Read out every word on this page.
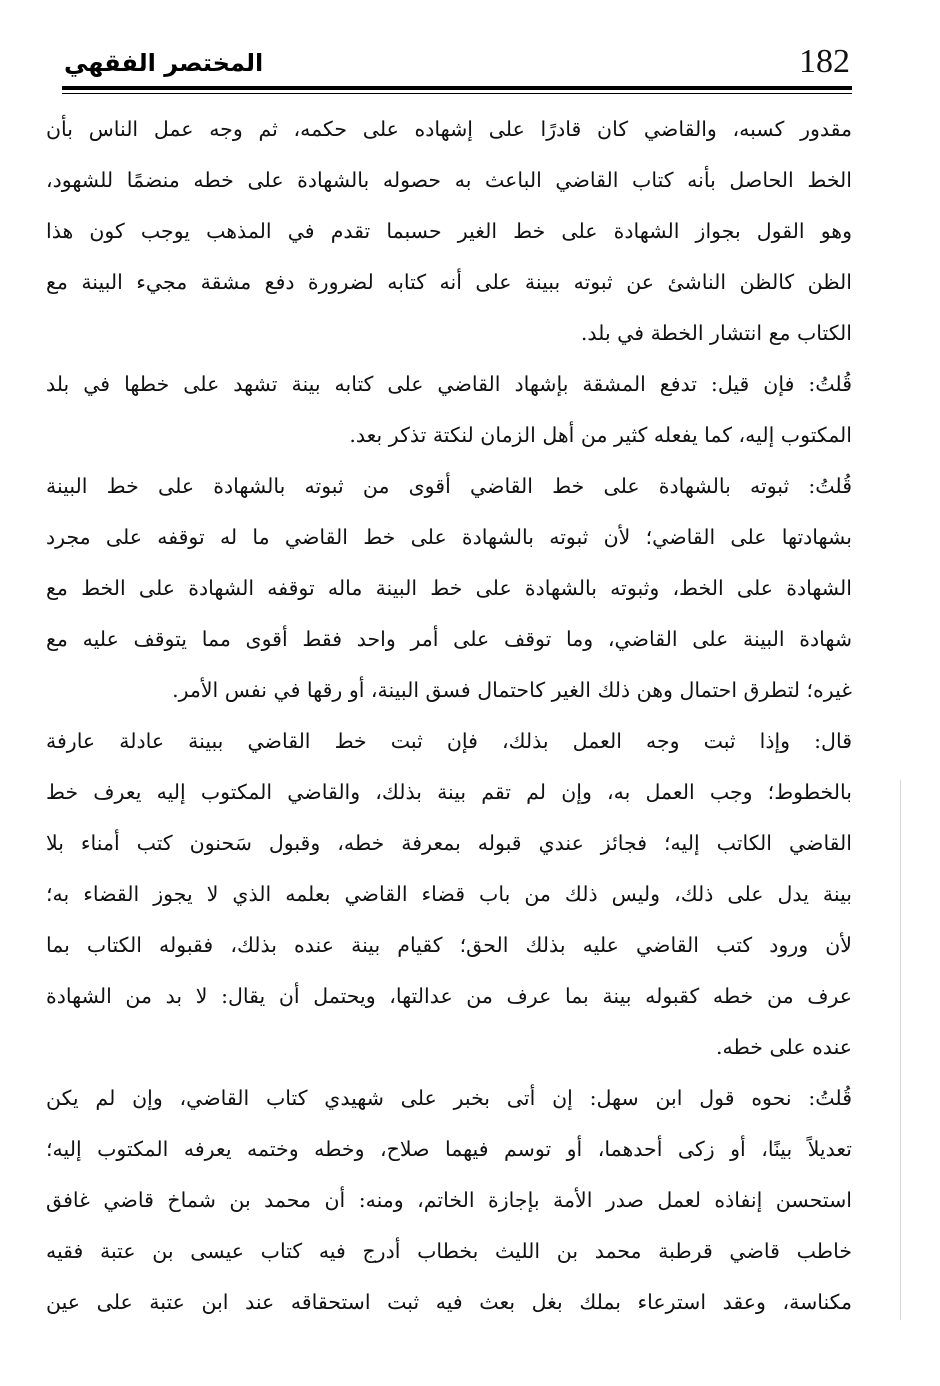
182
المختصر الفقهي

مقدور كسبه، والقاضي كان قادرًا على إشهاده على حكمه، ثم وجه عمل الناس بأن
الخط الحاصل بأنه كتاب القاضي الباعث به حصوله بالشهادة على خطه منضمًا للشهود،
وهو القول بجواز الشهادة على خط الغير حسبما تقدم في المذهب يوجب كون هذا
الظن كالظن الناشئ عن ثبوته ببينة على أنه كتابه لضرورة دفع مشقة مجيء البينة مع
الكتاب مع انتشار الخطة في بلد.

قُلتُ: فإن قيل: تدفع المشقة بإشهاد القاضي على كتابه بينة تشهد على خطها في بلد
المكتوب إليه، كما يفعله كثير من أهل الزمان لنكتة تذكر بعد.

قُلتُ: ثبوته بالشهادة على خط القاضي أقوى من ثبوته بالشهادة على خط البينة
بشهادتها على القاضي؛ لأن ثبوته بالشهادة على خط القاضي ما له توقفه على مجرد
الشهادة على الخط، وثبوته بالشهادة على خط البينة ماله توقفه الشهادة على الخط مع
شهادة البينة على القاضي، وما توقف على أمر واحد فقط أقوى مما يتوقف عليه مع
غيره؛ لتطرق احتمال وهن ذلك الغير كاحتمال فسق البينة، أو رقها في نفس الأمر.

قال: وإذا ثبت وجه العمل بذلك، فإن ثبت خط القاضي ببينة عادلة عارفة
بالخطوط؛ وجب العمل به، وإن لم تقم بينة بذلك، والقاضي المكتوب إليه يعرف خط
القاضي الكاتب إليه؛ فجائز عندي قبوله بمعرفة خطه، وقبول سَحنون كتب أمناء بلا
بينة يدل على ذلك، وليس ذلك من باب قضاء القاضي بعلمه الذي لا يجوز القضاء به؛
لأن ورود كتب القاضي عليه بذلك الحق؛ كقيام بينة عنده بذلك، فقبوله الكتاب بما
عرف من خطه كقبوله بينة بما عرف من عدالتها، ويحتمل أن يقال: لا بد من الشهادة
عنده على خطه.

قُلتُ: نحوه قول ابن سهل: إن أتى بخبر على شهيدي كتاب القاضي، وإن لم يكن
تعديلاً بينًا، أو زكى أحدهما، أو توسم فيهما صلاح، وخطه وختمه يعرفه المكتوب إليه؛
استحسن إنفاذه لعمل صدر الأمة بإجازة الخاتم، ومنه: أن محمد بن شماخ قاضي غافق
خاطب قاضي قرطبة محمد بن الليث بخطاب أدرج فيه كتاب عيسى بن عتبة فقيه
مكناسة، وعقد استرعاء بملك بغل بعث فيه ثبت استحقاقه عند ابن عتبة على عين
